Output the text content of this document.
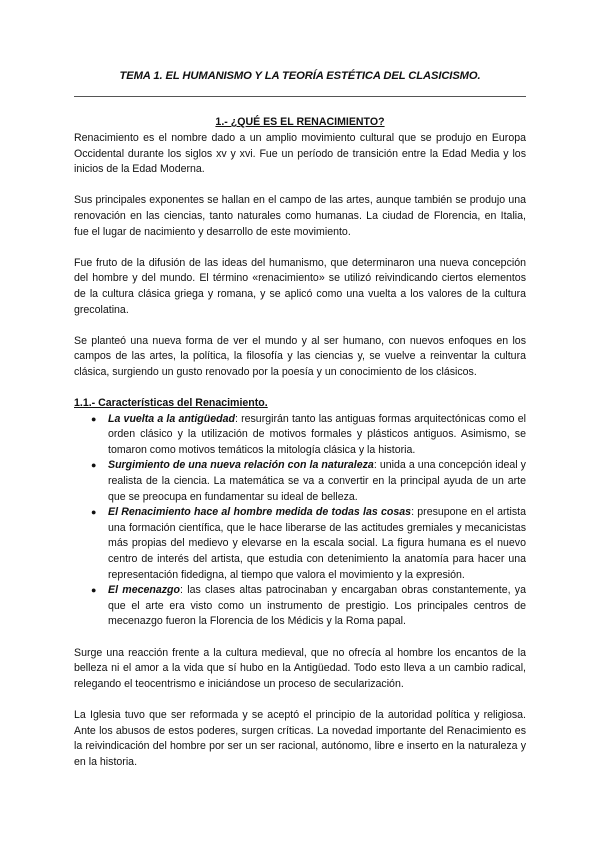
TEMA 1. EL HUMANISMO Y LA TEORÍA ESTÉTICA DEL CLASICISMO.
1.- ¿QUÉ ES EL RENACIMIENTO?

Renacimiento es el nombre dado a un amplio movimiento cultural que se produjo en Europa Occidental durante los siglos xv y xvi. Fue un período de transición entre la Edad Media y los inicios de la Edad Moderna.

Sus principales exponentes se hallan en el campo de las artes, aunque también se produjo una renovación en las ciencias, tanto naturales como humanas. La ciudad de Florencia, en Italia, fue el lugar de nacimiento y desarrollo de este movimiento.

Fue fruto de la difusión de las ideas del humanismo, que determinaron una nueva concepción del hombre y del mundo. El término «renacimiento» se utilizó reivindicando ciertos elementos de la cultura clásica griega y romana, y se aplicó como una vuelta a los valores de la cultura grecolatina.

Se planteó una nueva forma de ver el mundo y al ser humano, con nuevos enfoques en los campos de las artes, la política, la filosofía y las ciencias y, se vuelve a reinventar la cultura clásica, surgiendo un gusto renovado por la poesía y un conocimiento de los clásicos.

1.1.- Características del Renacimiento.
● La vuelta a la antigüedad: resurgirán tanto las antiguas formas arquitectónicas como el orden clásico y la utilización de motivos formales y plásticos antiguos. Asimismo, se tomaron como motivos temáticos la mitología clásica y la historia.
● Surgimiento de una nueva relación con la naturaleza: unida a una concepción ideal y realista de la ciencia. La matemática se va a convertir en la principal ayuda de un arte que se preocupa en fundamentar su ideal de belleza.
● El Renacimiento hace al hombre medida de todas las cosas: presupone en el artista una formación científica, que le hace liberarse de las actitudes gremiales y mecanicistas más propias del medievo y elevarse en la escala social. La figura humana es el nuevo centro de interés del artista, que estudia con detenimiento la anatomía para hacer una representación fidedigna, al tiempo que valora el movimiento y la expresión.
● El mecenazgo: las clases altas patrocinaban y encargaban obras constantemente, ya que el arte era visto como un instrumento de prestigio. Los principales centros de mecenazgo fueron la Florencia de los Médicis y la Roma papal.

Surge una reacción frente a la cultura medieval, que no ofrecía al hombre los encantos de la belleza ni el amor a la vida que sí hubo en la Antigüedad. Todo esto lleva a un cambio radical, relegando el teocentrismo e iniciándose un proceso de secularización.

La Iglesia tuvo que ser reformada y se aceptó el principio de la autoridad política y religiosa. Ante los abusos de estos poderes, surgen críticas. La novedad importante del Renacimiento es la reivindicación del hombre por ser un ser racional, autónomo, libre e inserto en la naturaleza y en la historia.
